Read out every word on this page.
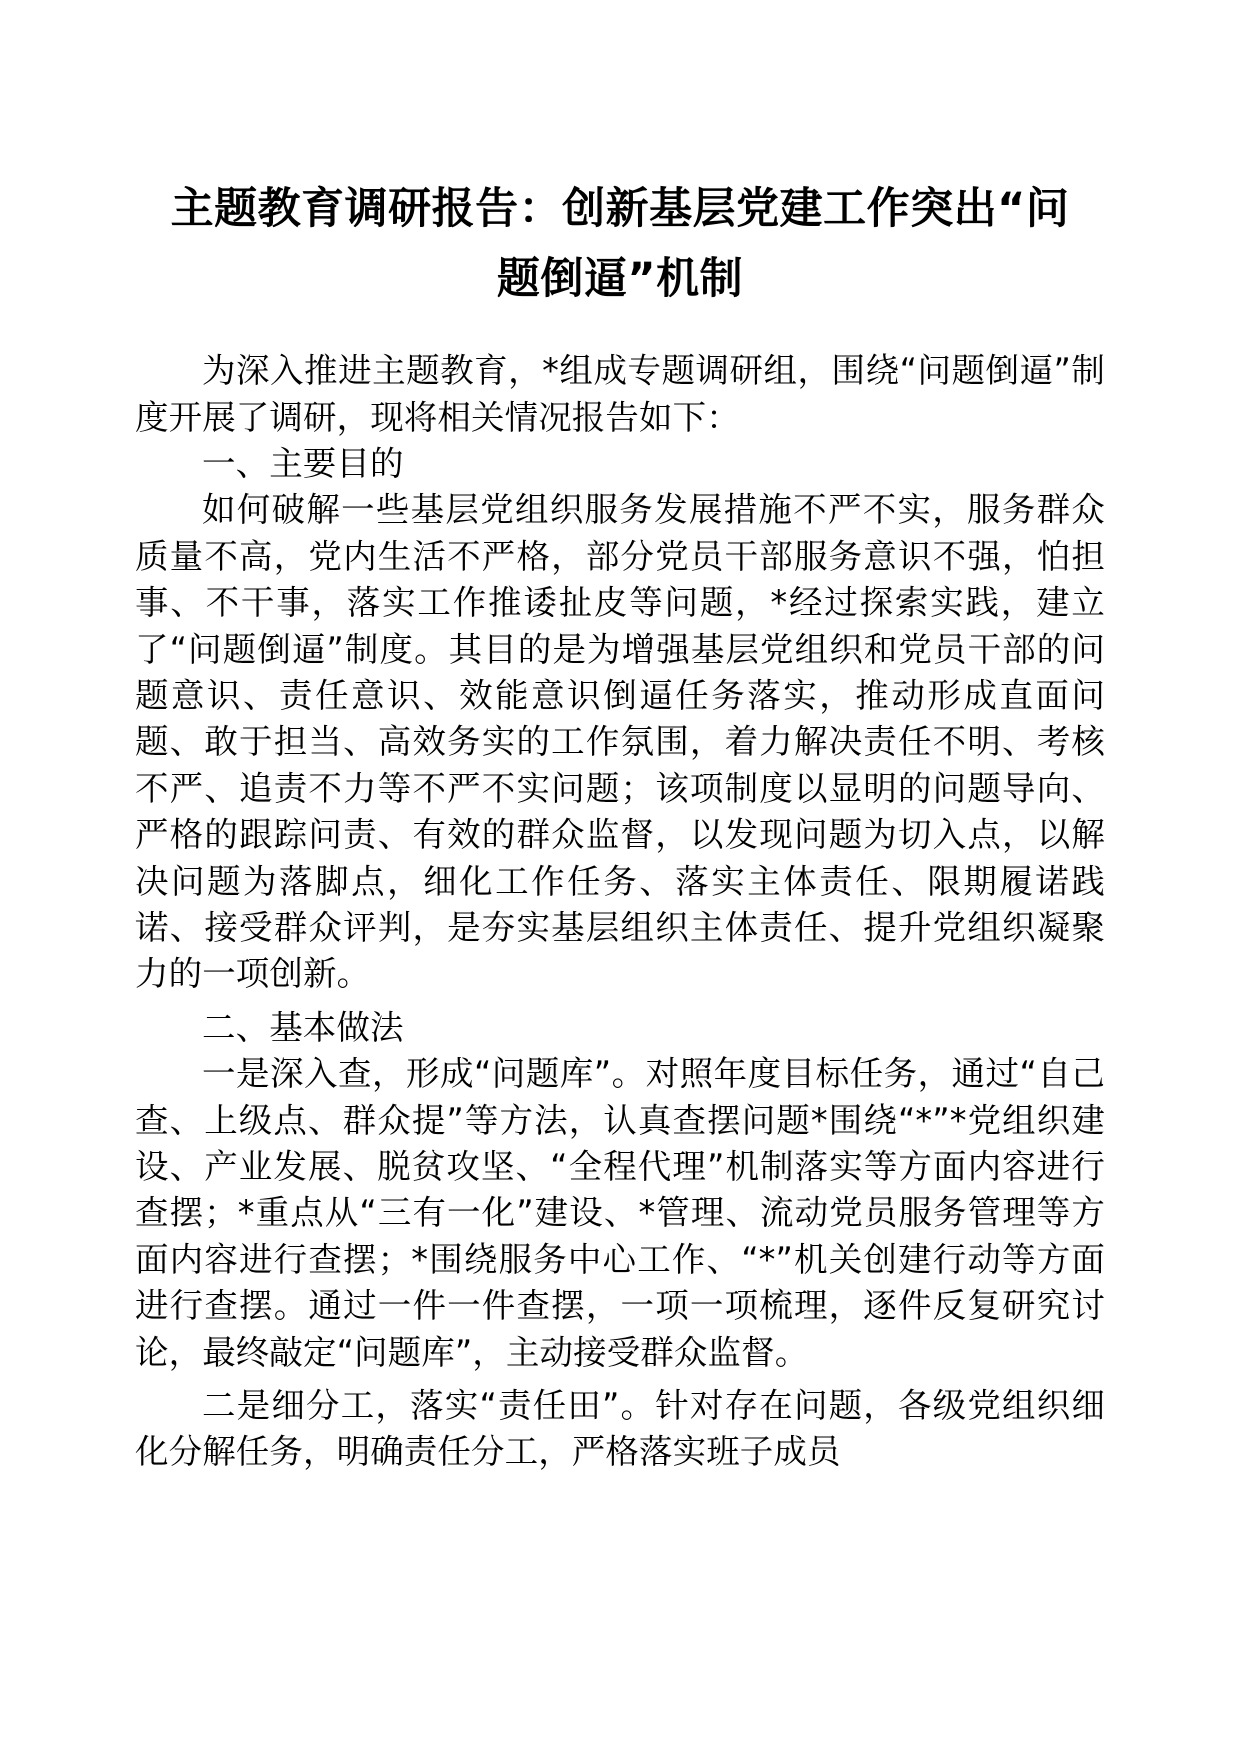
主题教育调研报告：创新基层党建工作突出“问题倒逼”机制

为深入推进主题教育，*组成专题调研组，围绕“问题倒逼”制度开展了调研，现将相关情况报告如下：

一、主要目的

如何破解一些基层党组织服务发展措施不严不实，服务群众质量不高，党内生活不严格，部分党员干部服务意识不强，怕担事、不干事，落实工作推诿扯皮等问题，*经过探索实践，建立了“问题倒逼”制度。其目的是为增强基层党组织和党员干部的问题意识、责任意识、效能意识倒逼任务落实，推动形成直面问题、敢于担当、高效务实的工作氛围，着力解决责任不明、考核不严、追责不力等不严不实问题；该项制度以显明的问题导向、严格的跟踪问责、有效的群众监督，以发现问题为切入点，以解决问题为落脚点，细化工作任务、落实主体责任、限期履诺践诺、接受群众评判，是夯实基层组织主体责任、提升党组织凝聚力的一项创新。

二、基本做法

一是深入查，形成“问题库”。对照年度目标任务，通过“自己查、上级点、群众提”等方法，认真查摆问题*围绕“*”*党组织建设、产业发展、脱贫攻坚、“全程代理”机制落实等方面内容进行查摆；*重点从“三有一化”建设、*管理、流动党员服务管理等方面内容进行查摆；*围绕服务中心工作、“*”机关创建行动等方面进行查摆。通过一件一件查摆，一项一项梳理，逐件反复研究讨论，最终敲定“问题库”，主动接受群众监督。

二是细分工，落实“责任田”。针对存在问题，各级党组织细化分解任务，明确责任分工，严格落实班子成员
